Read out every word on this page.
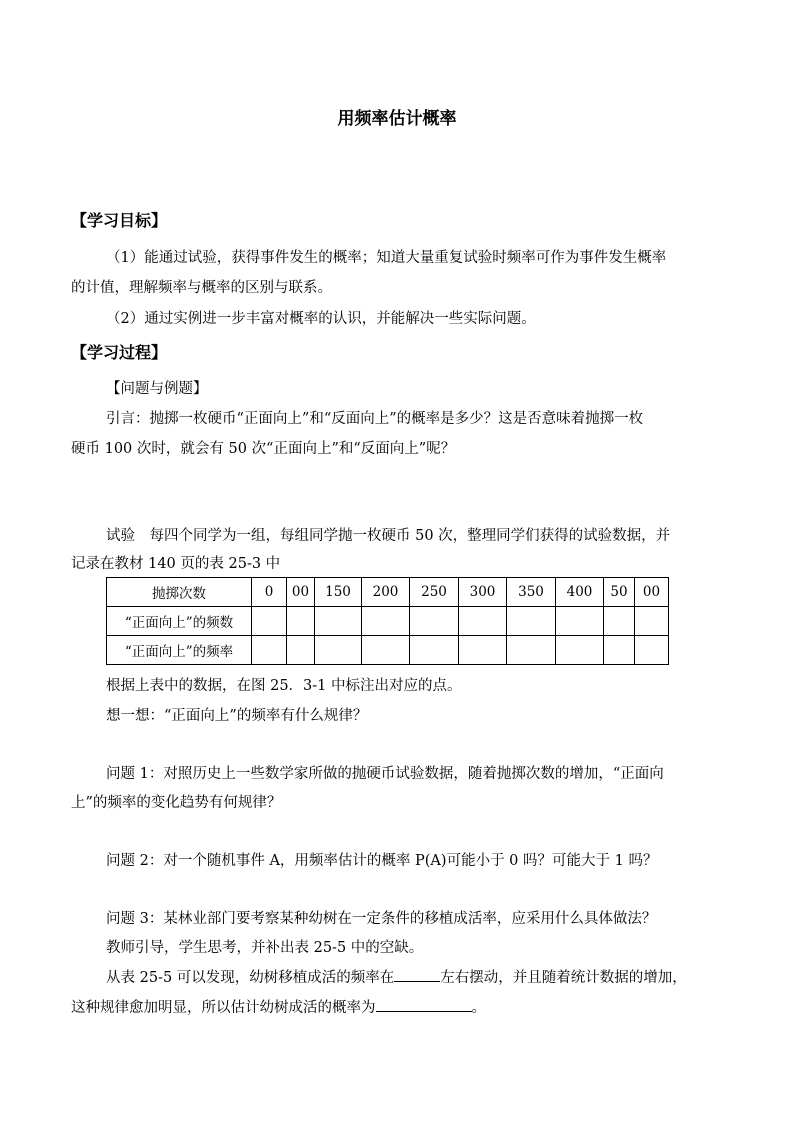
用频率估计概率
【学习目标】
（1）能通过试验，获得事件发生的概率；知道大量重复试验时频率可作为事件发生概率
的计值，理解频率与概率的区别与联系。
（2）通过实例进一步丰富对概率的认识，并能解决一些实际问题。
【学习过程】
【问题与例题】
引言：抛掷一枚硬币“正面向上”和“反面向上”的概率是多少？这是否意味着抛掷一枚
硬币 100 次时，就会有 50 次“正面向上”和“反面向上”呢？
试验　每四个同学为一组，每组同学抛一枚硬币 50 次，整理同学们获得的试验数据，并
记录在教材 140 页的表 25-3 中
抛掷次数	0	00	150	200	250	300	350	400	50	00
“正面向上”的频数										
“正面向上”的频率										
根据上表中的数据，在图 25．3-1 中标注出对应的点。
想一想：“正面向上”的频率有什么规律？
问题 1：对照历史上一些数学家所做的抛硬币试验数据，随着抛掷次数的增加，“正面向
上”的频率的变化趋势有何规律？
问题 2：对一个随机事件 A，用频率估计的概率 P(A)可能小于 0 吗？可能大于 1 吗？
问题 3：某林业部门要考察某种幼树在一定条件的移植成活率，应采用什么具体做法？
教师引导，学生思考，并补出表 25-5 中的空缺。
从表 25-5 可以发现，幼树移植成活的频率在	左右摆动，并且随着统计数据的增加，
这种规律愈加明显，所以估计幼树成活的概率为	。
